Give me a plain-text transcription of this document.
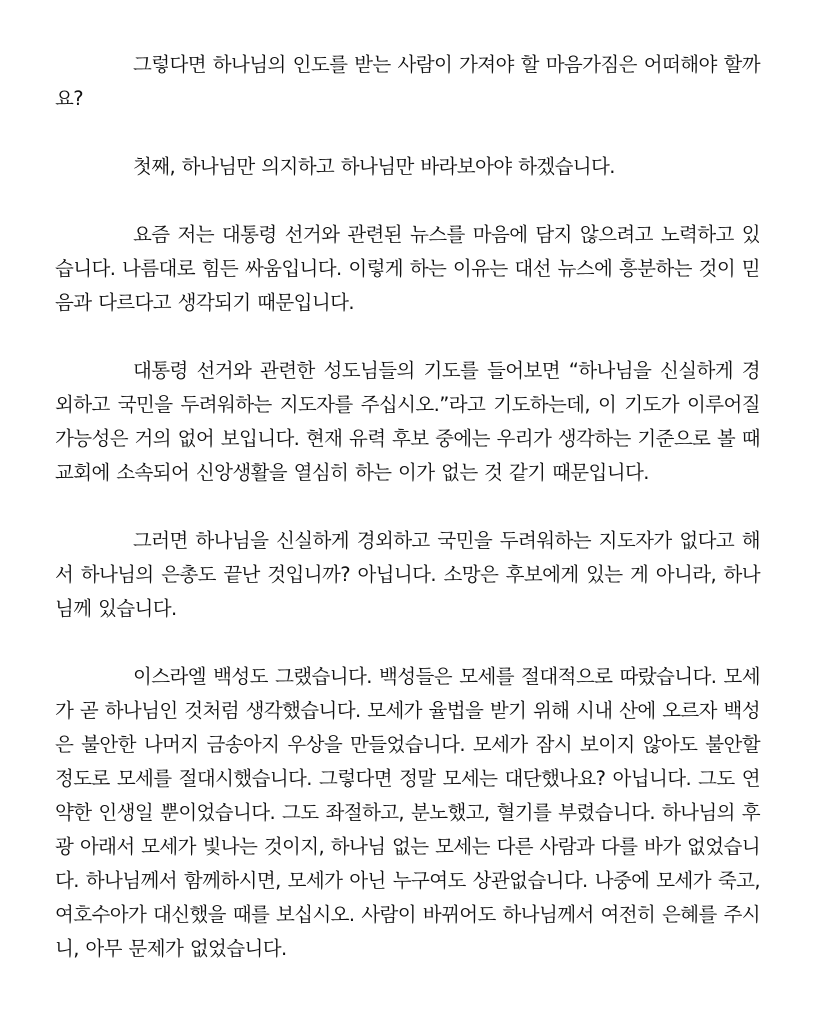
그렇다면 하나님의 인도를 받는 사람이 가져야 할 마음가짐은 어떠해야 할까요?

첫째, 하나님만 의지하고 하나님만 바라보아야 하겠습니다.

요즘 저는 대통령 선거와 관련된 뉴스를 마음에 담지 않으려고 노력하고 있습니다. 나름대로 힘든 싸움입니다. 이렇게 하는 이유는 대선 뉴스에 흥분하는 것이 믿음과 다르다고 생각되기 때문입니다.

대통령 선거와 관련한 성도님들의 기도를 들어보면 “하나님을 신실하게 경외하고 국민을 두려워하는 지도자를 주십시오.”라고 기도하는데, 이 기도가 이루어질 가능성은 거의 없어 보입니다. 현재 유력 후보 중에는 우리가 생각하는 기준으로 볼 때 교회에 소속되어 신앙생활을 열심히 하는 이가 없는 것 같기 때문입니다.

그러면 하나님을 신실하게 경외하고 국민을 두려워하는 지도자가 없다고 해서 하나님의 은총도 끝난 것입니까? 아닙니다. 소망은 후보에게 있는 게 아니라, 하나님께 있습니다.

이스라엘 백성도 그랬습니다. 백성들은 모세를 절대적으로 따랐습니다. 모세가 곧 하나님인 것처럼 생각했습니다. 모세가 율법을 받기 위해 시내 산에 오르자 백성은 불안한 나머지 금송아지 우상을 만들었습니다. 모세가 잠시 보이지 않아도 불안할 정도로 모세를 절대시했습니다. 그렇다면 정말 모세는 대단했나요? 아닙니다. 그도 연약한 인생일 뿐이었습니다. 그도 좌절하고, 분노했고, 혈기를 부렸습니다. 하나님의 후광 아래서 모세가 빛나는 것이지, 하나님 없는 모세는 다른 사람과 다를 바가 없었습니다. 하나님께서 함께하시면, 모세가 아닌 누구여도 상관없습니다. 나중에 모세가 죽고, 여호수아가 대신했을 때를 보십시오. 사람이 바뀌어도 하나님께서 여전히 은혜를 주시니, 아무 문제가 없었습니다.
